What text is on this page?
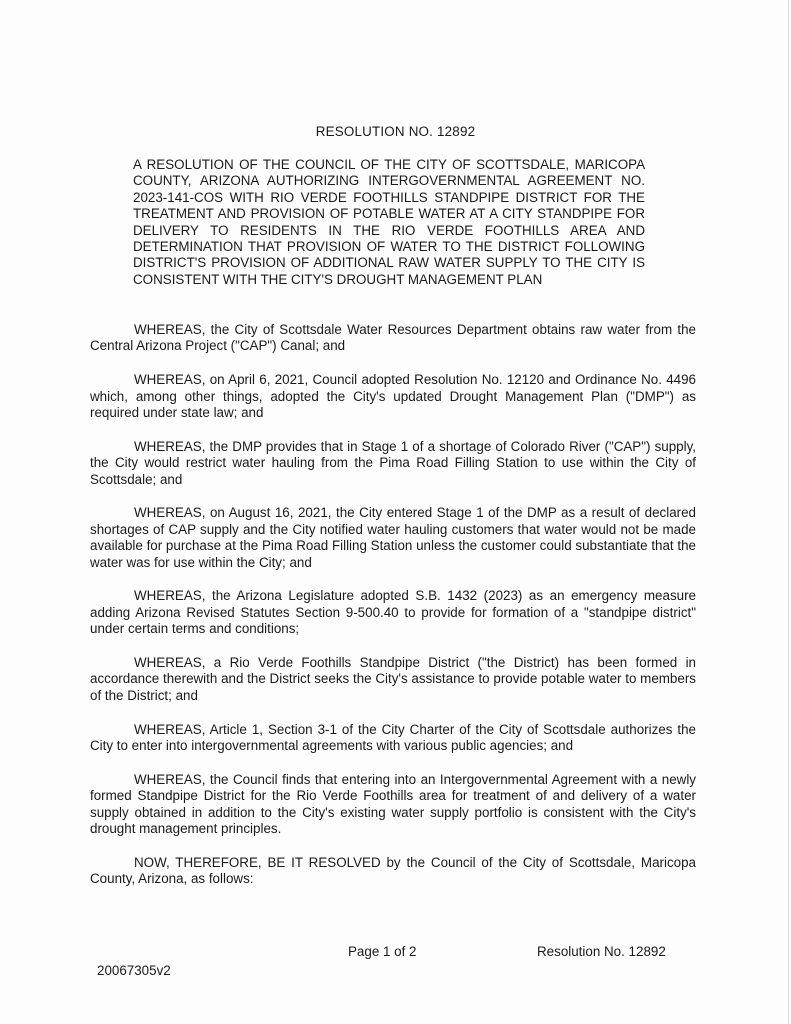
RESOLUTION NO. 12892
A RESOLUTION OF THE COUNCIL OF THE CITY OF SCOTTSDALE, MARICOPA COUNTY, ARIZONA AUTHORIZING INTERGOVERNMENTAL AGREEMENT NO. 2023-141-COS WITH RIO VERDE FOOTHILLS STANDPIPE DISTRICT FOR THE TREATMENT AND PROVISION OF POTABLE WATER AT A CITY STANDPIPE FOR DELIVERY TO RESIDENTS IN THE RIO VERDE FOOTHILLS AREA AND DETERMINATION THAT PROVISION OF WATER TO THE DISTRICT FOLLOWING DISTRICT'S PROVISION OF ADDITIONAL RAW WATER SUPPLY TO THE CITY IS CONSISTENT WITH THE CITY'S DROUGHT MANAGEMENT PLAN

WHEREAS, the City of Scottsdale Water Resources Department obtains raw water from the Central Arizona Project ("CAP") Canal; and

WHEREAS, on April 6, 2021, Council adopted Resolution No. 12120 and Ordinance No. 4496 which, among other things, adopted the City's updated Drought Management Plan ("DMP") as required under state law; and

WHEREAS, the DMP provides that in Stage 1 of a shortage of Colorado River ("CAP") supply, the City would restrict water hauling from the Pima Road Filling Station to use within the City of Scottsdale; and

WHEREAS, on August 16, 2021, the City entered Stage 1 of the DMP as a result of declared shortages of CAP supply and the City notified water hauling customers that water would not be made available for purchase at the Pima Road Filling Station unless the customer could substantiate that the water was for use within the City; and

WHEREAS, the Arizona Legislature adopted S.B. 1432 (2023) as an emergency measure adding Arizona Revised Statutes Section 9-500.40 to provide for formation of a "standpipe district" under certain terms and conditions;

WHEREAS, a Rio Verde Foothills Standpipe District ("the District) has been formed in accordance therewith and the District seeks the City's assistance to provide potable water to members of the District; and

WHEREAS, Article 1, Section 3-1 of the City Charter of the City of Scottsdale authorizes the City to enter into intergovernmental agreements with various public agencies; and

WHEREAS, the Council finds that entering into an Intergovernmental Agreement with a newly formed Standpipe District for the Rio Verde Foothills area for treatment of and delivery of a water supply obtained in addition to the City's existing water supply portfolio is consistent with the City's drought management principles.

NOW, THEREFORE, BE IT RESOLVED by the Council of the City of Scottsdale, Maricopa County, Arizona, as follows:

Page 1 of 2	Resolution No. 12892
20067305v2
